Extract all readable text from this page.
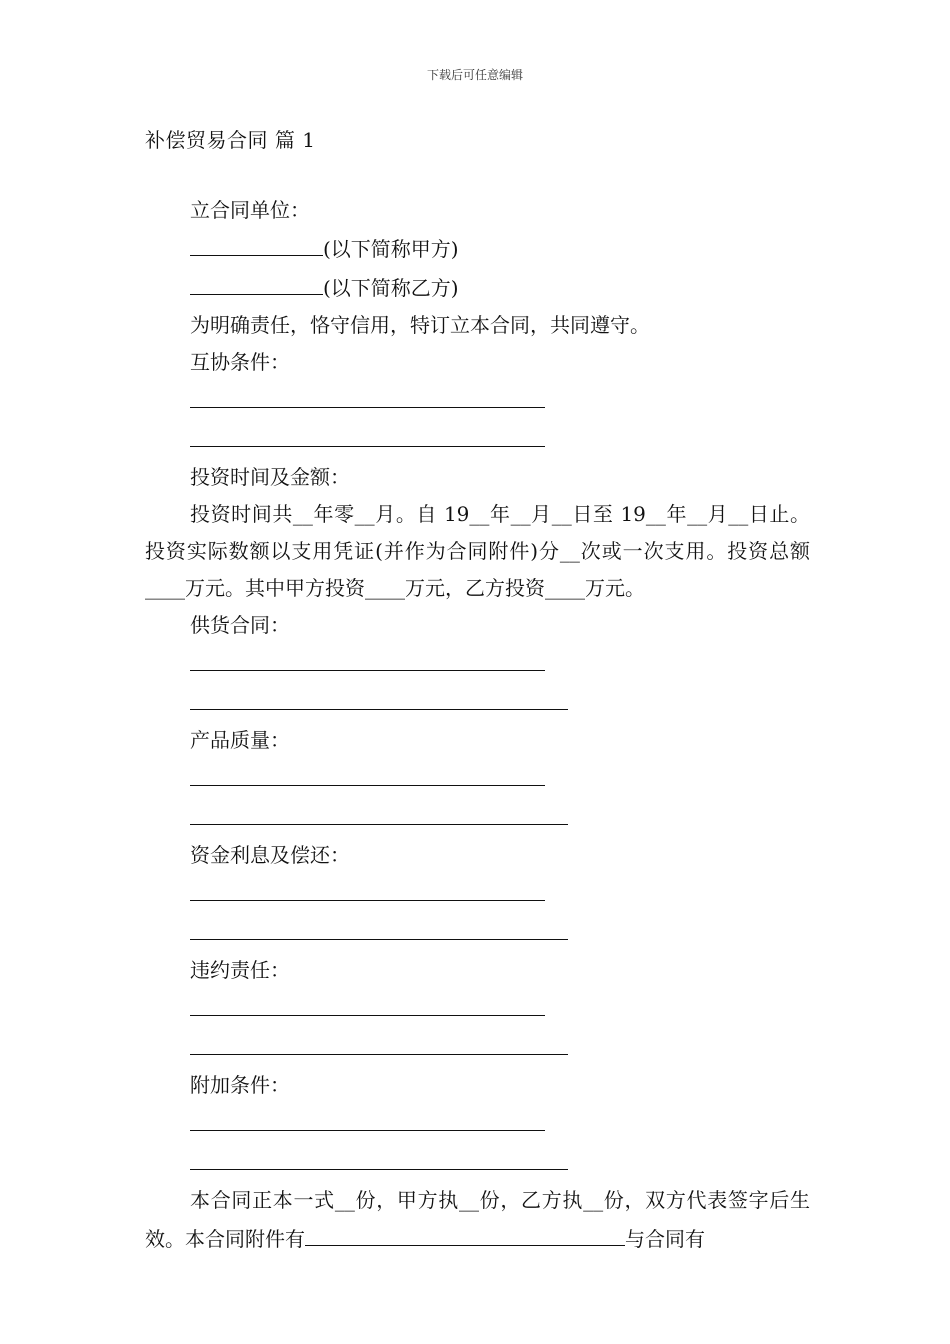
下载后可任意编辑
补偿贸易合同 篇 1

立合同单位：

(以下简称甲方)

(以下简称乙方)

为明确责任，恪守信用，特订立本合同，共同遵守。

互协条件：

投资时间及金额：

投资时间共__年零__月。自 19__年__月__日至 19__年__月__日止。投资实际数额以支用凭证(并作为合同附件)分__次或一次支用。投资总额____万元。其中甲方投资____万元，乙方投资____万元。

供货合同：

产品质量：

资金利息及偿还：

违约责任：

附加条件：

本合同正本一式__份，甲方执__份，乙方执__份，双方代表签字后生效。本合同附件有	与合同有
